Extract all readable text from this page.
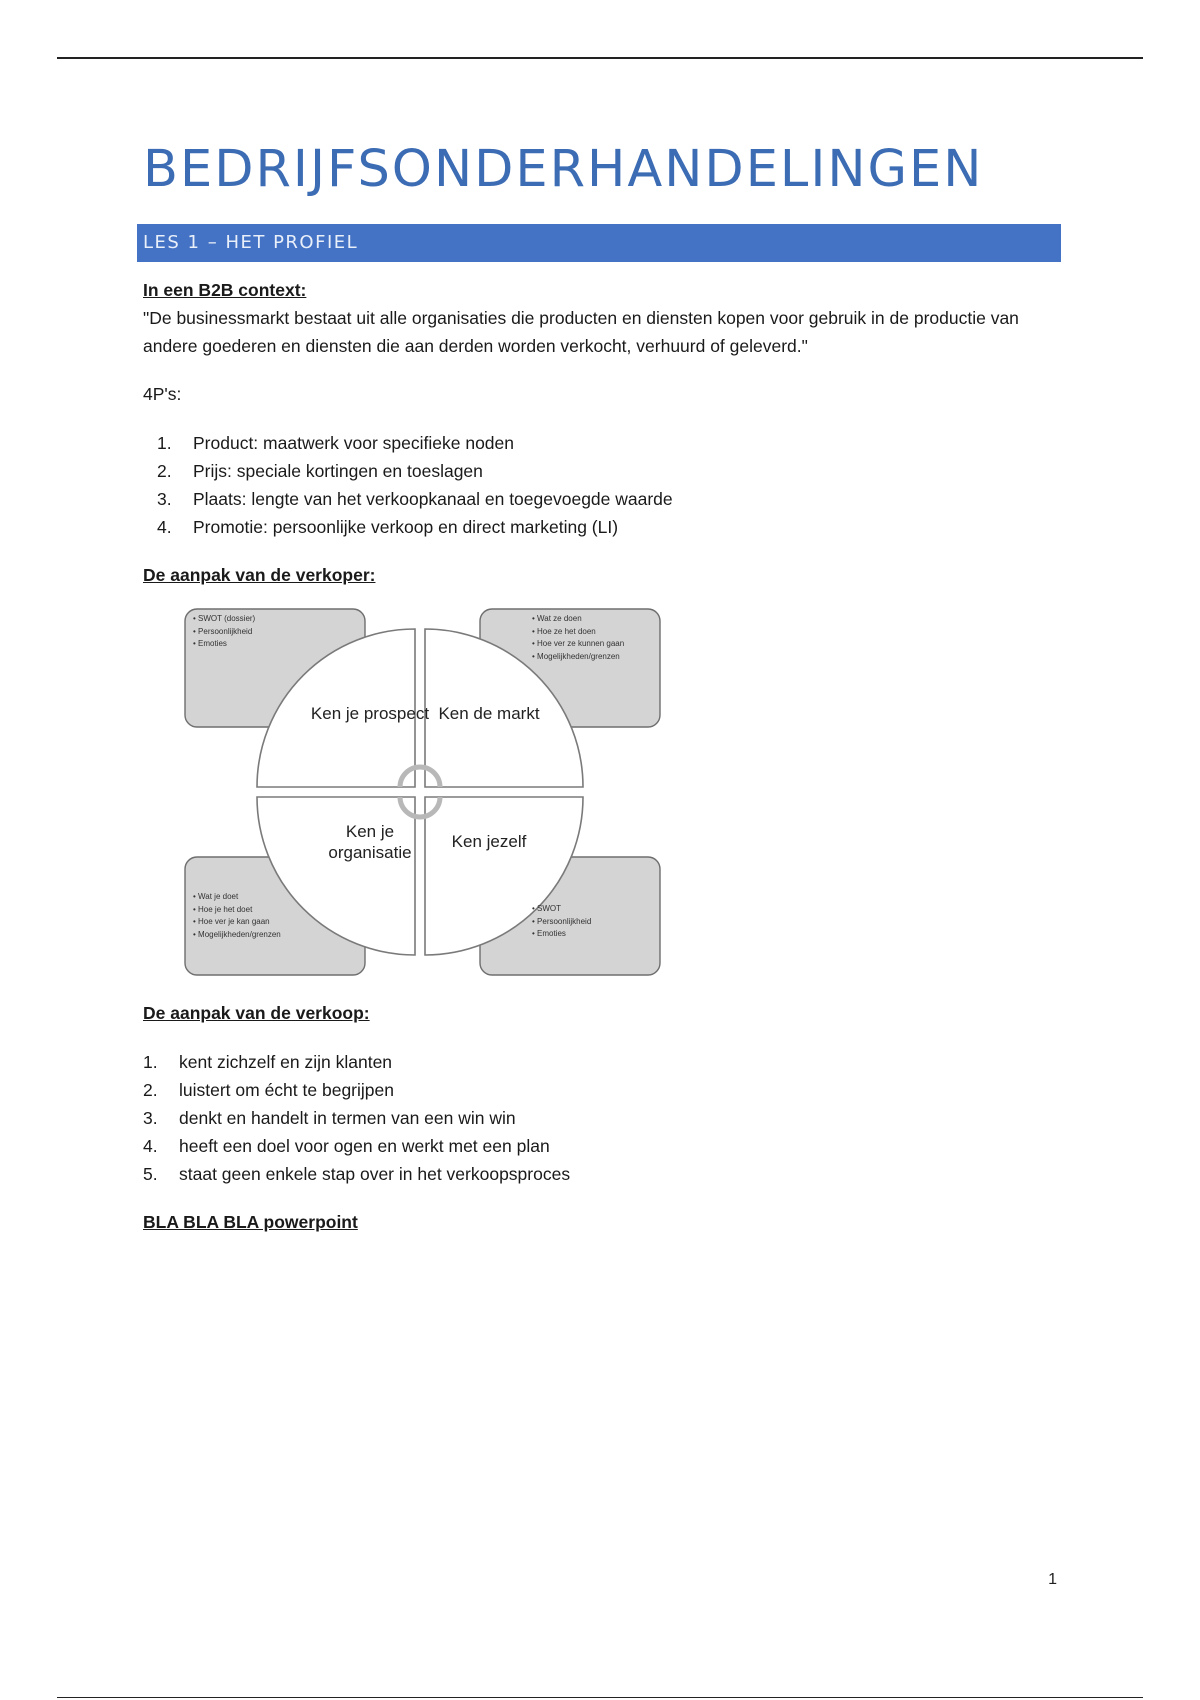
BEDRIJFSONDERHANDELINGEN
LES 1 – HET PROFIEL

In een B2B context:

"De businessmarkt bestaat uit alle organisaties die producten en diensten kopen voor gebruik in de productie van andere goederen en diensten die aan derden worden verkocht, verhuurd of geleverd."

4P's:

1. Product: maatwerk voor specifieke noden
2. Prijs: speciale kortingen en toeslagen
3. Plaats: lengte van het verkoopkanaal en toegevoegde waarde
4. Promotie: persoonlijke verkoop en direct marketing (LI)

De aanpak van de verkoper:

Ken je prospect Ken de markt
Ken je organisatie
Ken jezelf
• SWOT (dossier)
• Persoonlijkheid
• Emoties
• Wat ze doen
• Hoe ze het doen
• Hoe ver ze kunnen gaan
• Mogelijkheden/grenzen
• Wat je doet
• Hoe je het doet
• Hoe ver je kan gaan
• Mogelijkheden/grenzen
• SWOT
• Persoonlijkheid
• Emoties

De aanpak van de verkoop:

1. kent zichzelf en zijn klanten
2. luistert om écht te begrijpen
3. denkt en handelt in termen van een win win
4. heeft een doel voor ogen en werkt met een plan
5. staat geen enkele stap over in het verkoopsproces

BLA BLA BLA powerpoint

1
